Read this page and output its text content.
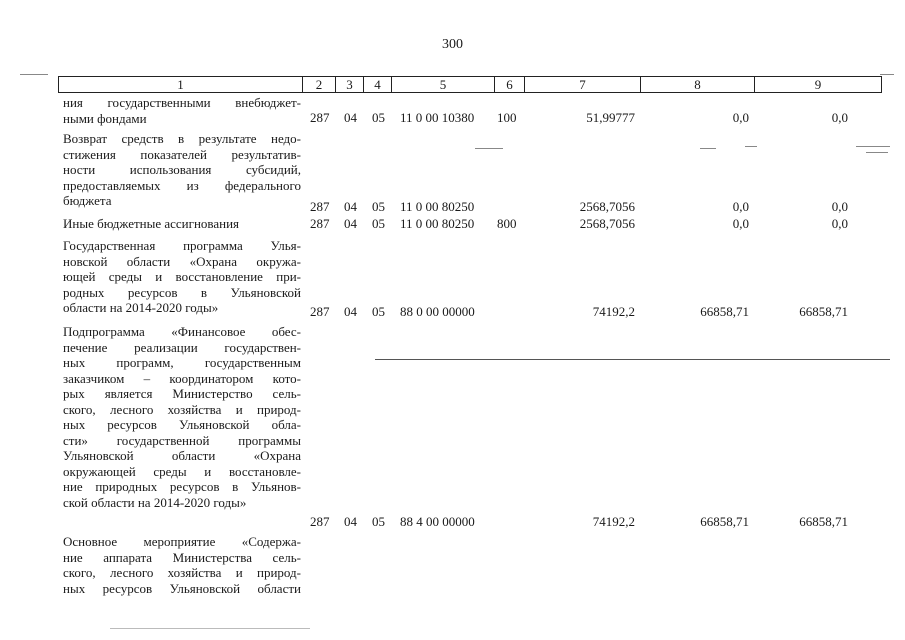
300
1	2	3	4	5	6	7	8	9
ния государственными внебюджет-
ными фондами	287 04 05 11 0 00 10380 100	51,99777	0,0	0,0
Возврат средств в результате недо-
стижения показателей результатив-
ности использования субсидий,
предоставляемых из федерального
бюджета	287 04 05 11 0 00 80250	2568,7056	0,0	0,0
Иные бюджетные ассигнования	287 04 05 11 0 00 80250 800	2568,7056	0,0	0,0
Государственная программа Улья-
новской области «Охрана окружа-
ющей среды и восстановление при-
родных ресурсов в Ульяновской
области на 2014-2020 годы»	287 04 05 88 0 00 00000	74192,2	66858,71	66858,71
Подпрограмма «Финансовое обес-
печение реализации государствен-
ных программ, государственным
заказчиком – координатором кото-
рых является Министерство сель-
ского, лесного хозяйства и природ-
ных ресурсов Ульяновской обла-
сти» государственной программы
Ульяновской области «Охрана
окружающей среды и восстановле-
ние природных ресурсов в Ульянов-
ской области на 2014-2020 годы»
287 04 05 88 4 00 00000	74192,2	66858,71	66858,71
Основное мероприятие «Содержа-
ние аппарата Министерства сель-
ского, лесного хозяйства и природ-
ных ресурсов Ульяновской области
